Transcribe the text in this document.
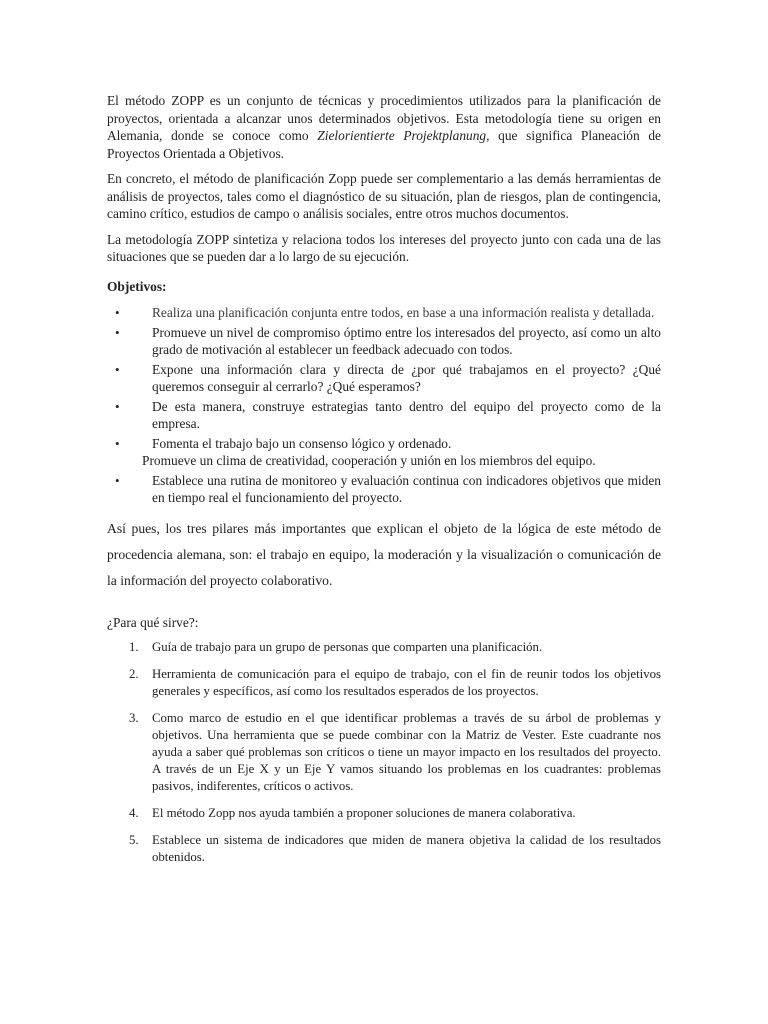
El método ZOPP es un conjunto de técnicas y procedimientos utilizados para la planificación de proyectos, orientada a alcanzar unos determinados objetivos. Esta metodología tiene su origen en Alemania, donde se conoce como Zielorientierte Projektplanung, que significa Planeación de Proyectos Orientada a Objetivos.

En concreto, el método de planificación Zopp puede ser complementario a las demás herramientas de análisis de proyectos, tales como el diagnóstico de su situación, plan de riesgos, plan de contingencia, camino crítico, estudios de campo o análisis sociales, entre otros muchos documentos.

La metodología ZOPP sintetiza y relaciona todos los intereses del proyecto junto con cada una de las situaciones que se pueden dar a lo largo de su ejecución.

Objetivos:

•	Realiza una planificación conjunta entre todos, en base a una información realista y detallada.
•	Promueve un nivel de compromiso óptimo entre los interesados del proyecto, así como un alto grado de motivación al establecer un feedback adecuado con todos.
•	Expone una información clara y directa de ¿por qué trabajamos en el proyecto? ¿Qué queremos conseguir al cerrarlo? ¿Qué esperamos?
•	De esta manera, construye estrategias tanto dentro del equipo del proyecto como de la empresa.
•	Fomenta el trabajo bajo un consenso lógico y ordenado.
Promueve un clima de creatividad, cooperación y unión en los miembros del equipo.
•	Establece una rutina de monitoreo y evaluación continua con indicadores objetivos que miden en tiempo real el funcionamiento del proyecto.

Así pues, los tres pilares más importantes que explican el objeto de la lógica de este método de procedencia alemana, son: el trabajo en equipo, la moderación y la visualización o comunicación de la información del proyecto colaborativo.

¿Para qué sirve?:

1. Guía de trabajo para un grupo de personas que comparten una planificación.
2. Herramienta de comunicación para el equipo de trabajo, con el fin de reunir todos los objetivos generales y específicos, así como los resultados esperados de los proyectos.
3. Como marco de estudio en el que identificar problemas a través de su árbol de problemas y objetivos. Una herramienta que se puede combinar con la Matriz de Vester. Este cuadrante nos ayuda a saber qué problemas son críticos o tiene un mayor impacto en los resultados del proyecto. A través de un Eje X y un Eje Y vamos situando los problemas en los cuadrantes: problemas pasivos, indiferentes, críticos o activos.
4. El método Zopp nos ayuda también a proponer soluciones de manera colaborativa.
5. Establece un sistema de indicadores que miden de manera objetiva la calidad de los resultados obtenidos.
